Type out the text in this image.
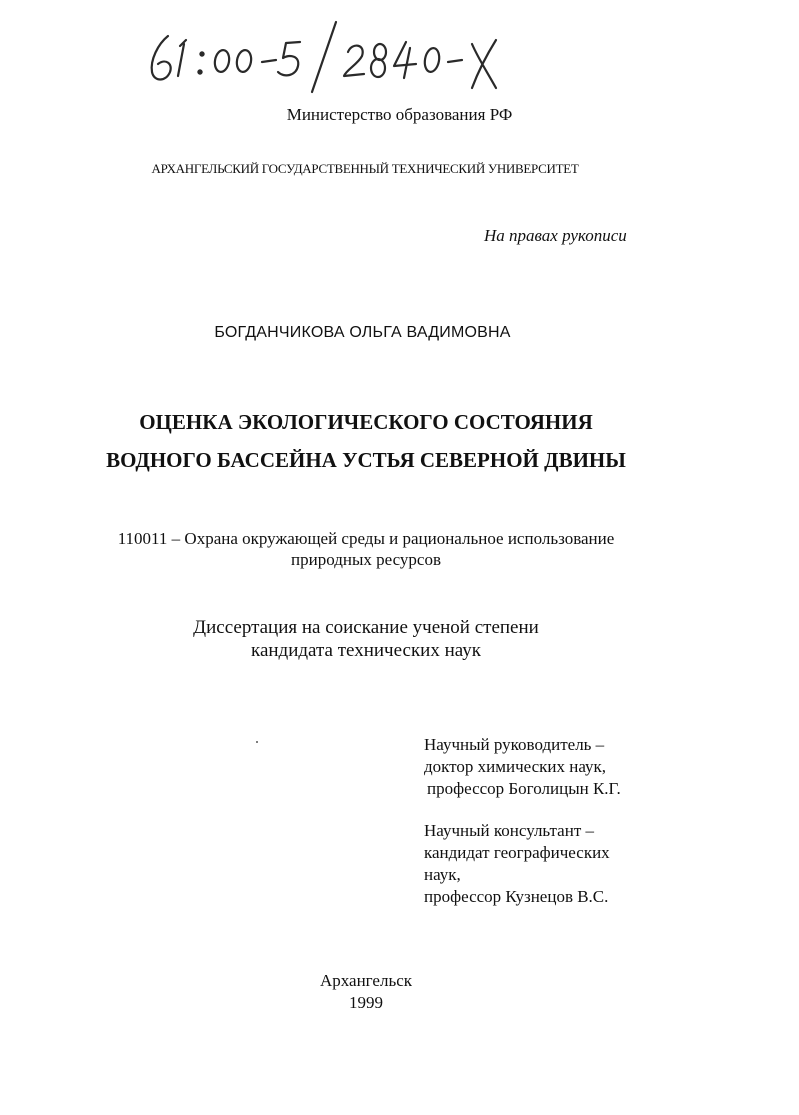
Министерство образования РФ
АРХАНГЕЛЬСКИЙ ГОСУДАРСТВЕННЫЙ ТЕХНИЧЕСКИЙ УНИВЕРСИТЕТ
На правах рукописи
БОГДАНЧИКОВА ОЛЬГА ВАДИМОВНА
ОЦЕНКА ЭКОЛОГИЧЕСКОГО СОСТОЯНИЯ
ВОДНОГО БАССЕЙНА УСТЬЯ СЕВЕРНОЙ ДВИНЫ
110011 – Охрана окружающей среды и рациональное использование
природных ресурсов
Диссертация на соискание ученой степени
кандидата технических наук
Научный руководитель –
доктор химических наук,
профессор Боголицын К.Г.
Научный консультант –
кандидат географических
наук,
профессор Кузнецов В.С.
Архангельск
1999
